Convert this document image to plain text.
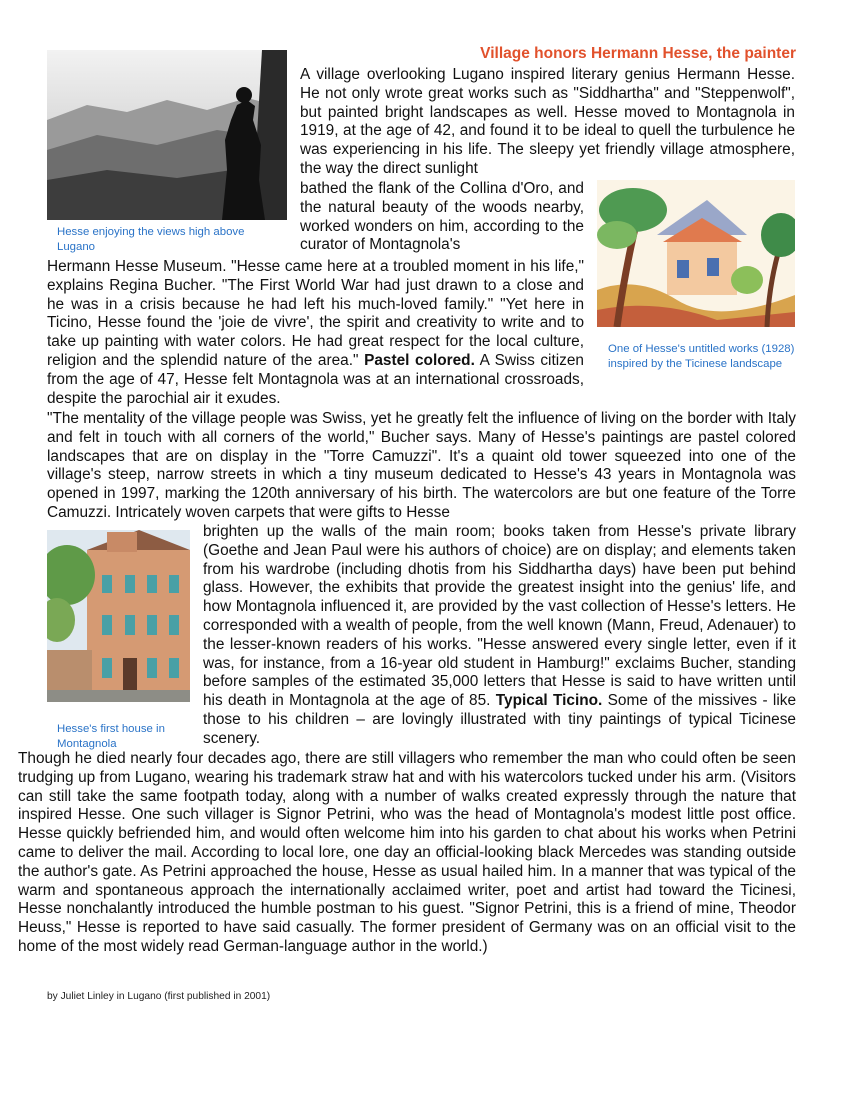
Village honors Hermann Hesse, the painter
Hesse enjoying the views high above Lugano

A village overlooking Lugano inspired literary genius Hermann Hesse. He not only wrote great works such as "Siddhartha" and "Steppenwolf", but painted bright landscapes as well. Hesse moved to Montagnola in 1919, at the age of 42, and found it to be ideal to quell the turbulence he was experiencing in his life. The sleepy yet friendly village atmosphere, the way the direct sunlight

bathed the flank of the Collina d'Oro, and the natural beauty of the woods nearby, worked wonders on him, according to the curator of Montagnola's

One of Hesse's untitled works (1928) inspired by the Ticinese landscape

Hermann Hesse Museum. "Hesse came here at a troubled moment in his life," explains Regina Bucher. "The First World War had just drawn to a close and he was in a crisis because he had left his much-loved family." "Yet here in Ticino, Hesse found the 'joie de vivre', the spirit and creativity to write and to take up painting with water colors. He had great respect for the local culture, religion and the splendid nature of the area." Pastel colored. A Swiss citizen from the age of 47, Hesse felt Montagnola was at an international crossroads, despite the parochial air it exudes.

"The mentality of the village people was Swiss, yet he greatly felt the influence of living on the border with Italy and felt in touch with all corners of the world," Bucher says. Many of Hesse's paintings are pastel colored landscapes that are on display in the "Torre Camuzzi". It's a quaint old tower squeezed into one of the village's steep, narrow streets in which a tiny museum dedicated to Hesse's 43 years in Montagnola was opened in 1997, marking the 120th anniversary of his birth. The watercolors are but one feature of the Torre Camuzzi. Intricately woven carpets that were gifts to Hesse

Hesse's first house in Montagnola

brighten up the walls of the main room; books taken from Hesse's private library (Goethe and Jean Paul were his authors of choice) are on display; and elements taken from his wardrobe (including dhotis from his Siddhartha days) have been put behind glass. However, the exhibits that provide the greatest insight into the genius' life, and how Montagnola influenced it, are provided by the vast collection of Hesse's letters. He corresponded with a wealth of people, from the well known (Mann, Freud, Adenauer) to the lesser-known readers of his works. "Hesse answered every single letter, even if it was, for instance, from a 16-year old student in Hamburg!" exclaims Bucher, standing before samples of the estimated 35,000 letters that Hesse is said to have written until his death in Montagnola at the age of 85. Typical Ticino. Some of the missives - like those to his children – are lovingly illustrated with tiny paintings of typical Ticinese scenery.

Though he died nearly four decades ago, there are still villagers who remember the man who could often be seen trudging up from Lugano, wearing his trademark straw hat and with his watercolors tucked under his arm. (Visitors can still take the same footpath today, along with a number of walks created expressly through the nature that inspired Hesse. One such villager is Signor Petrini, who was the head of Montagnola's modest little post office. Hesse quickly befriended him, and would often welcome him into his garden to chat about his works when Petrini came to deliver the mail. According to local lore, one day an official-looking black Mercedes was standing outside the author's gate. As Petrini approached the house, Hesse as usual hailed him. In a manner that was typical of the warm and spontaneous approach the internationally acclaimed writer, poet and artist had toward the Ticinesi, Hesse nonchalantly introduced the humble postman to his guest. "Signor Petrini, this is a friend of mine, Theodor Heuss," Hesse is reported to have said casually. The former president of Germany was on an official visit to the home of the most widely read German-language author in the world.)

by Juliet Linley in Lugano (first published in 2001)
